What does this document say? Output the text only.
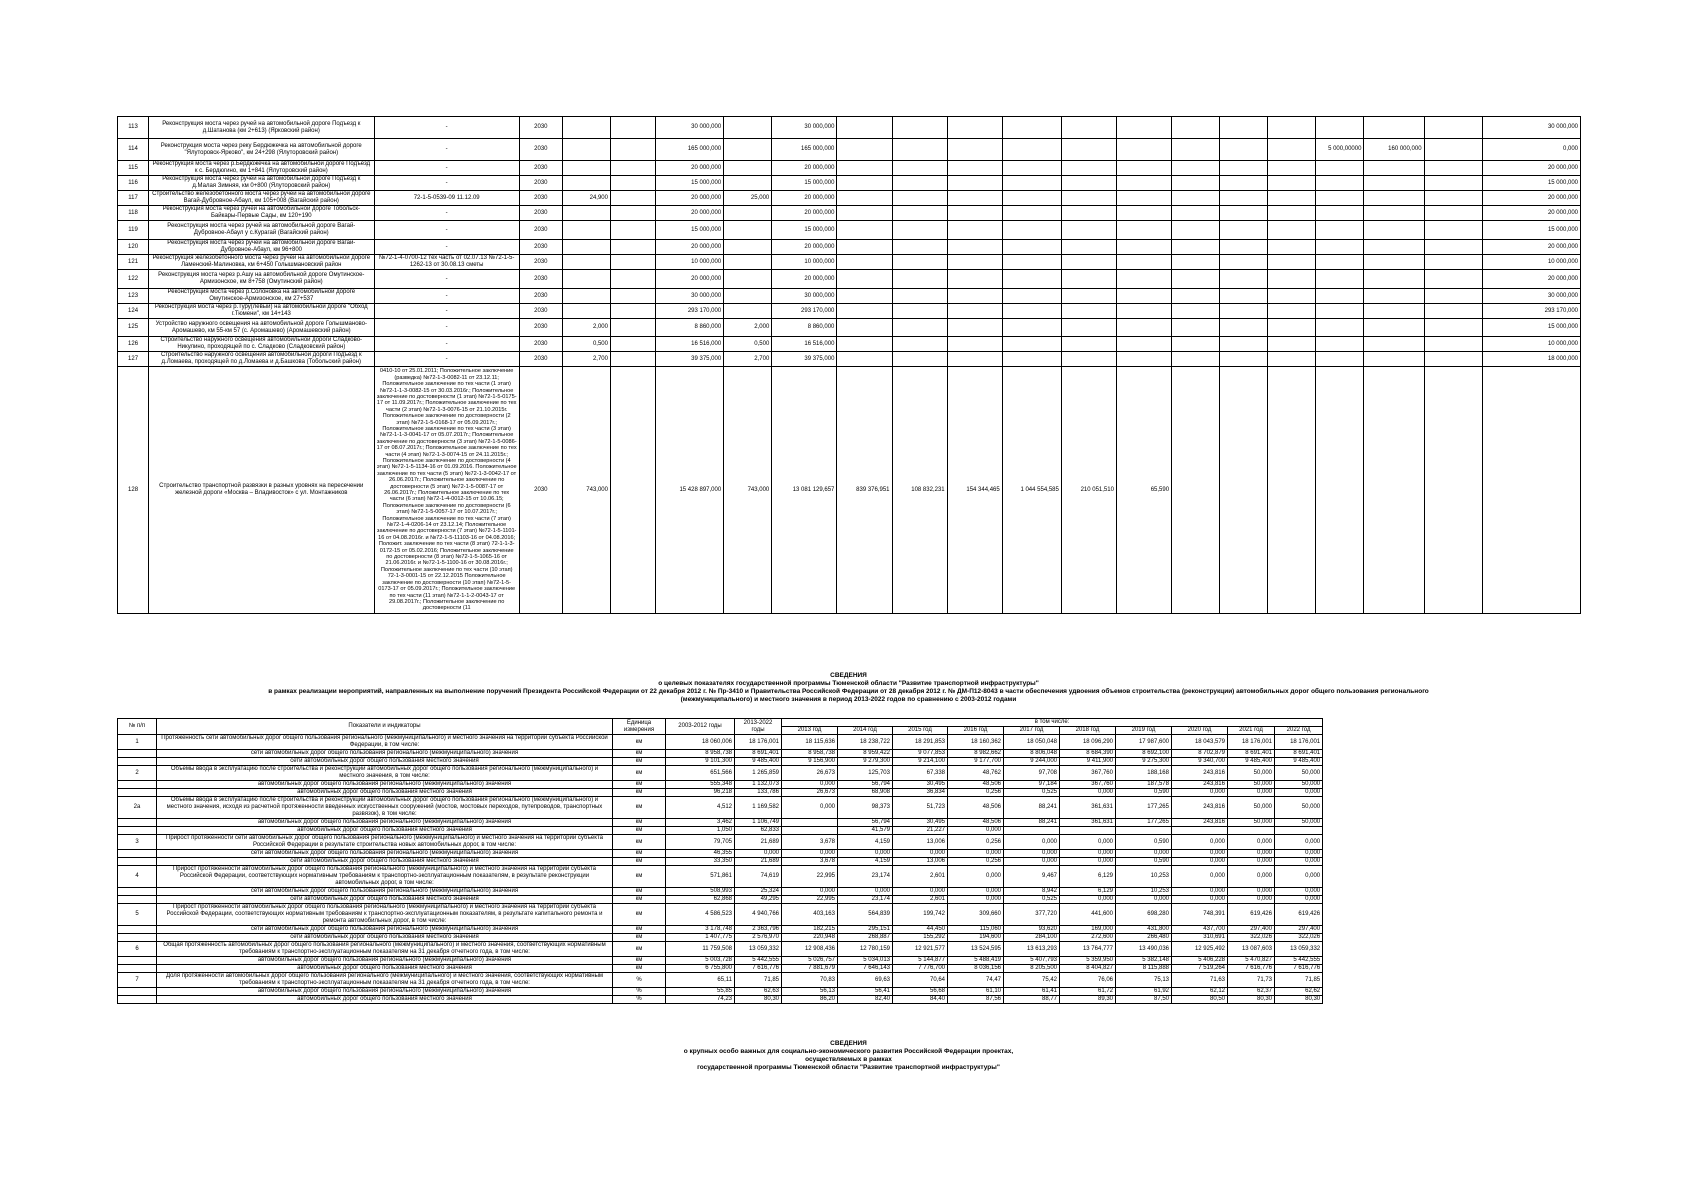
113	Реконструкция моста через ручей на автомобильной дороге Подъезд к д.Шатанова (км 2+613) (Ярковский район)	-	2030			30 000,000		30 000,000													30 000,000
114	Реконструкция моста через реку Бердюжечка на автомобильной дороге "Ялуторовск-Ярково", км 24+298 (Ялуторовский район)	-	2030			165 000,000		165 000,000										5 000,00000	160 000,000		0,000
115	Реконструкция моста через р.Бердюжечка на автомобильной дороге Подъезд к с. Бердюгино, км 1+841 (Ялуторовский район)	-	2030			20 000,000		20 000,000													20 000,000
116	Реконструкция моста через ручей на автомобильной дороге Подъезд к д.Малая Зимняя, км 0+800 (Ялуторовский район)	-	2030			15 000,000		15 000,000													15 000,000
117	Строительство железобетонного моста через ручей на автомобильной дороге Вагай-Дубровное-Абаул, км 105+008 (Вагайский район)	72-1-5-0539-09 11.12.09	2030	24,900		20 000,000	25,000	20 000,000													20 000,000
118	Реконструкция моста через ручей на автомобильной дороге Тобольск-Байкары-Первые Сады, км 120+190	-	2030			20 000,000		20 000,000													20 000,000
119	Реконструкция моста через ручей на автомобильной дороге Вагай-Дубровное-Абаул у с.Курагай (Вагайский район)	-	2030			15 000,000		15 000,000													15 000,000
120	Реконструкция моста через ручей на автомобильной дороге Вагай-Дубровное-Абаул, км 96+800	-	2030			20 000,000		20 000,000													20 000,000
121	Реконструкция железобетонного моста через ручей на автомобильной дороге Ламенский-Малиновка, км 6+450 Голышмановский район	№72-1-4-0700-12 тех часть от 02.07.13 №72-1-5-1262-13 от 30.08.13 сметы	2030			10 000,000		10 000,000													10 000,000
122	Реконструкция моста через р.Ашу на автомобильной дороге Омутинское-Армизонское, км 8+758 (Омутинский район)	-	2030			20 000,000		20 000,000													20 000,000
123	Реконструкция моста через р.Солоновка на автомобильной дороге Омутинское-Армизонское, км 27+537	-	2030			30 000,000		30 000,000													30 000,000
124	Реконструкция моста через р.Туру(левый) на автомобильной дороге "Обход г.Тюмени", км 14+143	-	2030			293 170,000		293 170,000													293 170,000
125	Устройство наружного освещения на автомобильной дороге Голышманово-Аромашево, км 55-км 57 (с. Аромашево) (Аромашевский район)	-	2030	2,000		8 860,000	2,000	8 860,000													15 000,000
126	Строительство наружного освещения автомобильной дороги Сладково-Никулино, проходящей по с. Сладково (Сладковский район)	-	2030	0,500		16 516,000	0,500	16 516,000													10 000,000
127	Строительство наружного освещения автомобильной дороги Подъезд к д.Ломаева, проходящей по д.Ломаева и д.Башкова (Тобольский район)	-	2030	2,700		39 375,000	2,700	39 375,000													18 000,000
128	Строительство транспортной развязки в разных уровнях на пересечении железной дороги «Москва – Владивосток» с ул. Монтажников	0410-10 от 25.01.2011; Положительное заключение (разведка) №72-1-3-0082-11 от 23.12.11; Положительное заключение по тех части (1 этап) №72-1-1-3-0082-15 от 30.03.2016г.; Положительное заключение по достоверности (1 этап) №72-1-5-0175-17 от 11.09.2017г.; Положительное заключение по тех части (2 этап) №72-1-3-0076-15 от 21.10.2015г. Положительное заключение по достоверности (2 этап) №72-1-5-0168-17 от 05.09.2017г.; Положительное заключение по тех части (3 этап) №72-1-1-3-0041-17 от 05.07.2017г.; Положительное заключение по достоверности (3 этап) №72-1-5-0086-17 от 08.07.2017г.; Положительное заключение по тех части (4 этап) №72-1-3-0074-15 от 24.11.2015г.; Положительное заключение по достоверности (4 этап) №72-1-5-1134-16 от 01.09.2016. Положительное заключение по тех части (5 этап) №72-1-3-0042-17 от 26.06.2017г.; Положительное заключение по достоверности (5 этап) №72-1-5-0087-17 от 26.06.2017г.; Положительное заключение по тех части (6 этап) №72-1-4-0012-15 от 10.06.15; Положительное заключение по достоверности (6 этап) №72-1-5-0057-17 от 10.07.2017г.; Положительное заключение по тех части (7 этап) №72-1-4-0206-14 от 23.12.14; Положительное заключение по достоверности (7 этап) №72-1-5-1101-16 от 04.08.2016г. и №72-1-5-11103-16 от 04.08.2016; Положит. заключение по тех части (8 этап) 72-1-1-3-0172-15 от 05.02.2016; Положительное заключение по достоверности (8 этап) №72-1-5-1065-16 от 21.06.2016г. и №72-1-5-1100-16 от 30.08.2016г.; Положительное заключение по тех части (10 этап) 72-1-3-0001-15 от 22.12.2015 Положительное заключение по достоверности (10 этап) №72-1-5-0173-17 от 05.09.2017г.; Положительное заключение по тех части (11 этап) №72-1-1-2-0043-17 от 29.08.2017г.; Положительное заключение по достоверности (11	2030	743,000		15 428 897,000	743,000	13 081 129,657	839 376,951	108 832,231	154 344,465	1 044 554,585	210 051,510	65,590							
СВЕДЕНИЯ
о целевых показателях государственной программы Тюменской области "Развитие транспортной инфраструктуры"
в рамках реализации мероприятий, направленных на выполнение поручений Президента Российской Федерации от 22 декабря 2012 г. № Пр-3410 и Правительства Российской Федерации от 28 декабря 2012 г. № ДМ-П12-8043 в части обеспечения удвоения объемов строительства (реконструкции) автомобильных дорог общего пользования регионального
(межмуниципального) и местного значения в период 2013-2022 годов по сравнению с 2003-2012 годами
№ п/п	Показатели и индикаторы	Единица измерения	2003-2012 годы	2013-2022 годы	в том числе:									
					2013 год	2014 год	2015 год	2016 год	2017 год	2018 год	2019 год	2020 год	2021 год	2022 год
1	Протяженность сети автомобильных дорог общего пользования регионального (межмуниципального) и местного значения на территории субъекта Российской Федерации, в том числе:	км	18 060,006	18 176,001	18 115,636	18 238,722	18 291,853	18 160,362	18 050,048	18 096,290	17 987,600	18 043,579	18 176,001	18 176,001
	сети автомобильных дорог общего пользования регионального (межмуниципального) значения	км	8 958,738	8 691,401	8 958,738	8 959,422	9 077,853	8 982,662	8 806,048	8 684,390	8 692,100	8 702,879	8 691,401	8 691,401
	сети автомобильных дорог общего пользования местного значения	км	9 101,300	9 485,400	9 156,900	9 279,300	9 214,100	9 177,700	9 244,000	9 411,900	9 275,300	9 340,700	9 485,400	9 485,400
2	Объемы ввода в эксплуатацию после строительства и реконструкции автомобильных дорог общего пользования регионального (межмуниципального) и местного значения, в том числе:	км	651,566	1 265,859	26,673	125,703	67,338	48,762	97,708	367,760	188,168	243,816	50,000	50,000
	автомобильных дорог общего пользования регионального (межмуниципального) значения	км	555,348	1 132,073	0,000	56,794	30,495	48,506	97,184	367,760	187,578	243,816	50,000	50,000
	автомобильных дорог общего пользования местного значения	км	96,218	133,786	26,673	68,908	36,834	0,256	0,525	0,000	0,590	0,000	0,000	0,000
2a	Объемы ввода в эксплуатацию после строительства и реконструкции автомобильных дорог общего пользования регионального (межмуниципального) и местного значения, исходя из расчетной протяженности введенных искусственных сооружений (мостов, мостовых переходов, путепроводов, транспортных развязок), в том числе:	км	4,512	1 169,582	0,000	98,373	51,723	48,506	88,241	361,631	177,265	243,816	50,000	50,000
	автомобильных дорог общего пользования регионального (межмуниципального) значения	км	3,462	1 106,749		56,794	30,495	48,506	88,241	361,631	177,265	243,816	50,000	50,000
	автомобильных дорог общего пользования местного значения	км	1,050	62,833		41,579	21,227	0,000						
3	Прирост протяженности сети автомобильных дорог общего пользования регионального (межмуниципального) и местного значения на территории субъекта Российской Федерации в результате строительства новых автомобильных дорог, в том числе:	км	79,705	21,689	3,678	4,159	13,006	0,256	0,000	0,000	0,590	0,000	0,000	0,000
	сети автомобильных дорог общего пользования регионального (межмуниципального) значения	км	46,355	0,000	0,000	0,000	0,000	0,000	0,000	0,000	0,000	0,000	0,000	0,000
	сети автомобильных дорог общего пользования местного значения	км	33,350	21,689	3,678	4,159	13,006	0,256	0,000	0,000	0,590	0,000	0,000	0,000
4	Прирост протяженности автомобильных дорог общего пользования регионального (межмуниципального) и местного значения на территории субъекта Российской Федерации, соответствующих нормативным требованиям к транспортно-эксплуатационным показателям, в результате реконструкции автомобильных дорог, в том числе:	км	571,861	74,619	22,995	23,174	2,601	0,000	9,467	6,129	10,253	0,000	0,000	0,000
	сети автомобильных дорог общего пользования регионального (межмуниципального) значения	км	508,993	25,324	0,000	0,000	0,000	0,000	8,942	6,129	10,253	0,000	0,000	0,000
	сети автомобильных дорог общего пользования местного значения	км	62,868	49,295	22,995	23,174	2,601	0,000	0,525	0,000	0,000	0,000	0,000	0,000
5	Прирост протяженности автомобильных дорог общего пользования регионального (межмуниципального) и местного значения на территории субъекта Российской Федерации, соответствующих нормативным требованиям к транспортно-эксплуатационным показателям, в результате капитального ремонта и ремонта автомобильных дорог, в том числе:	км	4 586,523	4 940,766	403,163	564,839	199,742	309,660	377,720	441,600	698,280	748,391	619,426	619,426
	сети автомобильных дорог общего пользования регионального (межмуниципального) значения	км	3 178,748	2 363,796	182,215	295,151	44,450	115,060	93,620	169,000	431,800	437,700	297,400	297,400
	сети автомобильных дорог общего пользования местного значения	км	1 407,775	2 576,970	220,948	268,887	155,292	194,600	284,100	272,600	266,480	310,691	322,026	322,026
6	Общая протяженность автомобильных дорог общего пользования регионального (межмуниципального) и местного значения, соответствующих нормативным требованиям к транспортно-эксплуатационным показателям на 31 декабря отчетного года, в том числе:	км	11 759,508	13 059,332	12 908,436	12 780,159	12 921,577	13 524,595	13 613,293	13 764,777	13 490,036	12 925,492	13 087,603	13 059,332
	автомобильных дорог общего пользования регионального (межмуниципального) значения	км	5 003,728	5 442,555	5 026,757	5 034,013	5 144,877	5 488,419	5 407,793	5 359,950	5 382,148	5 406,228	5 470,827	5 442,555
	автомобильных дорог общего пользования местного значения	км	6 755,800	7 616,776	7 881,679	7 646,143	7 776,700	8 036,156	8 205,500	8 404,827	8 115,888	7 519,264	7 616,776	7 616,776
7	Доля протяженности автомобильных дорог общего пользования регионального (межмуниципального) и местного значения, соответствующих нормативным требованиям к транспортно-эксплуатационным показателям на 31 декабря отчетного года, в том числе:	%	65,11	71,85	70,83	69,63	70,64	74,47	75,42	76,06	75,13	71,63	71,73	71,85
	автомобильных дорог общего пользования регионального (межмуниципального) значения	%	55,85	62,63	56,13	56,41	56,68	61,10	61,41	61,72	61,92	62,12	62,37	62,62
	автомобильных дорог общего пользования местного значения	%	74,23	80,30	86,20	82,40	84,40	87,56	88,77	89,30	87,50	80,50	80,30	80,30
СВЕДЕНИЯ
о крупных особо важных для социально-экономического развития Российской Федерации проектах,
осуществляемых в рамках
государственной программы Тюменской области "Развитие транспортной инфраструктуры"
